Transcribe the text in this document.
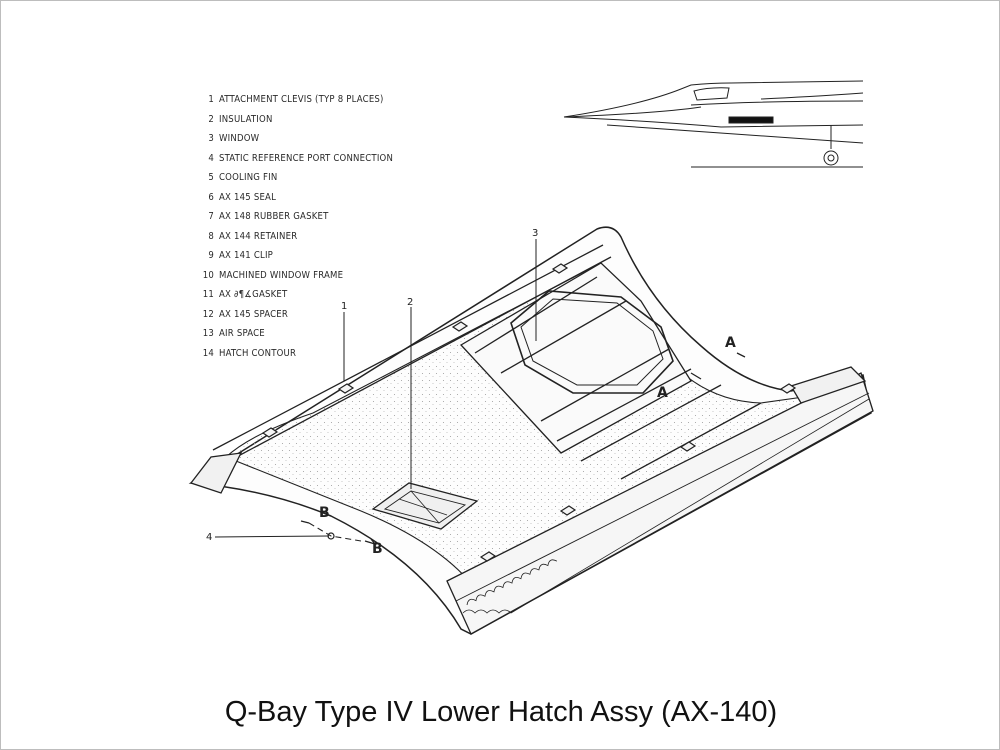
1 ATTACHMENT CLEVIS (TYP 8 PLACES)
2 INSULATION
3 WINDOW
4 STATIC REFERENCE PORT CONNECTION
5 COOLING FIN
6 AX 145 SEAL
7 AX 148 RUBBER GASKET
8 AX 144 RETAINER
9 AX 141 CLIP
10 MACHINED WINDOW FRAME
11 AX ∂¶∡GASKET
12 AX 145 SPACER
13 AIR SPACE
14 HATCH CONTOUR
1	2
3
4
A
A
B
B
Q-Bay Type IV Lower Hatch Assy (AX-140)
